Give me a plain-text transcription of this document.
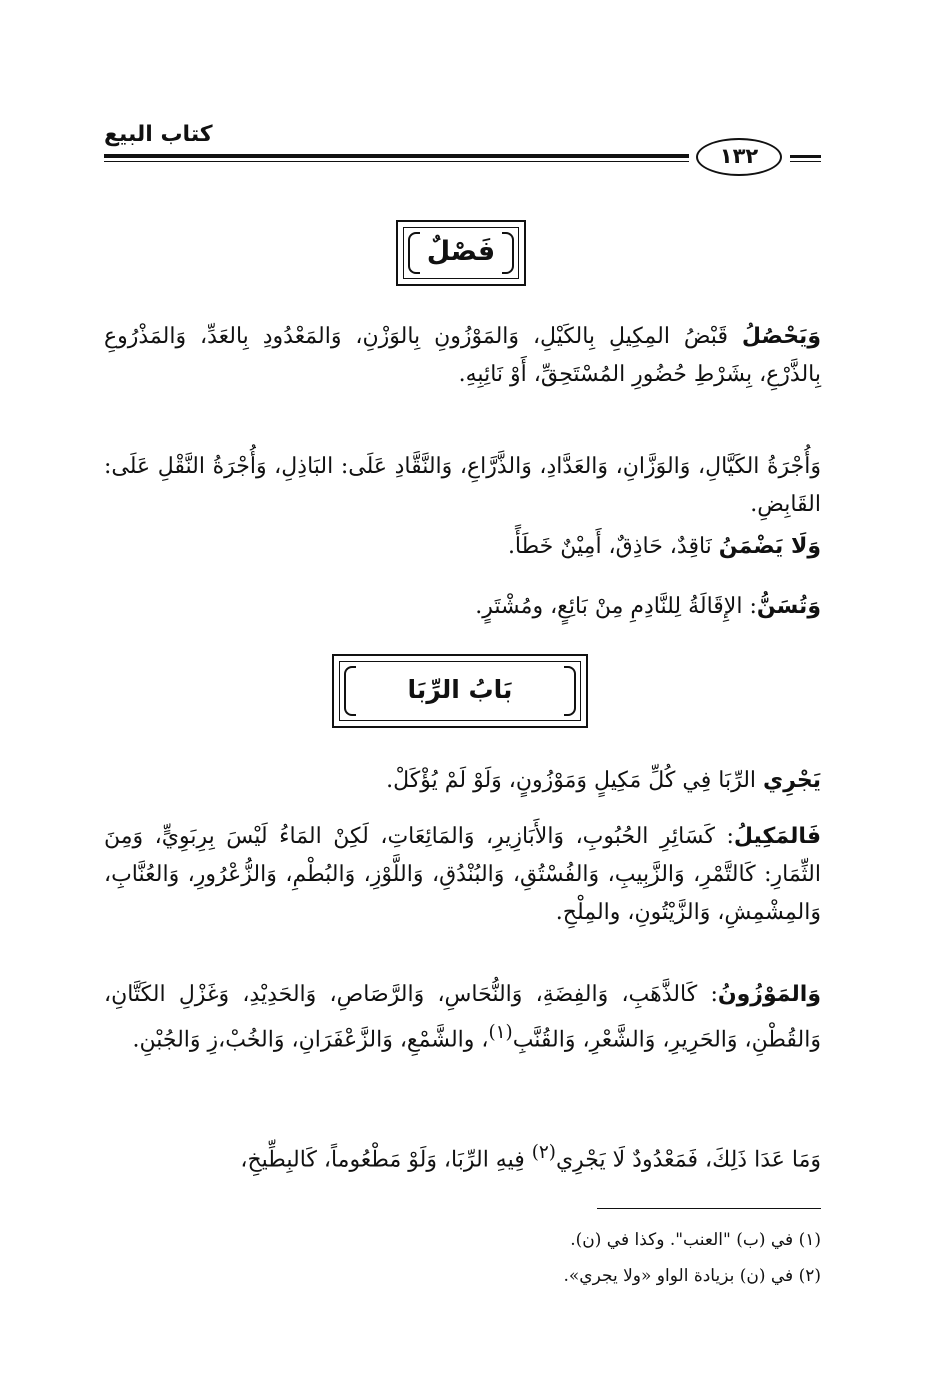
كتاب البيع
١٣٢
فَصْلٌ
وَيَحْصُلُ قَبْضُ المِكِيلِ بِالكَيْلِ، وَالمَوْزُونِ بِالوَزْنِ، وَالمَعْدُودِ بِالعَدِّ، وَالمَذْرُوعِ بِالذَّرْعِ، بِشَرْطِ حُضُورِ المُسْتَحِقِّ، أَوْ نَائِبِهِ.
وَأُجْرَةُ الكَيَّالِ، وَالوَزَّانِ، وَالعَدَّادِ، وَالذَّرَّاعِ، وَالنَّقَّادِ عَلَى: البَاذِلِ، وَأُجْرَةُ النَّقْلِ عَلَى: القَابِضِ.
وَلَا يَضْمَنُ نَاقِدٌ، حَاذِقٌ، أَمِيْنٌ خَطَأً.
وَتُسَنُّ: الإِقَالَةُ لِلنَّادِمِ مِنْ بَائِعٍ، ومُشْتَرٍ.
بَابُ الرِّبَا
يَجْرِي الرِّبَا فِي كُلِّ مَكِيلٍ وَمَوْزُونٍ، وَلَوْ لَمْ يُؤْكَلْ.
فَالمَكِيلُ: كَسَائِرِ الحُبُوبِ، وَالأَبَازِيرِ، وَالمَائِعَاتِ، لَكِنْ المَاءُ لَيْسَ بِرِبَوِيٍّ، وَمِنَ الثِّمَارِ: كَالتَّمْرِ، وَالزَّبِيبِ، وَالفُسْتُقِ، وَالبُنْدُقِ، وَاللَّوْزِ، وَالبُطْمِ، وَالزُّعْرُورِ، وَالعُنَّابِ، وَالمِشْمِشِ، وَالزَّيْتُونِ، والمِلْحِ.
وَالمَوْزُونُ: كَالذَّهَبِ، وَالفِضَةِ، وَالنُّحَاسِ، وَالرَّصَاصِ، وَالحَدِيْدِ، وَغَزْلِ الكَتَّانِ، وَالقُطْنِ، وَالحَرِيرِ، وَالشَّعْرِ، وَالقُنَّبِ$^{(١)}$، والشَّمْعِ، وَالزَّعْفَرَانِ، وَالخُبْ،زِ وَالجُبْنِ.
وَمَا عَدَا ذَلِكَ، فَمَعْدُودٌ لَا يَجْرِي$^{(٢)}$ فِيهِ الرِّبَا، وَلَوْ مَطْعُوماً، كَالبِطِّيخِ،
(١) في (ب) "العنب". وكذا في (ن).
(٢) في (ن) بزيادة الواو «ولا يجري».
